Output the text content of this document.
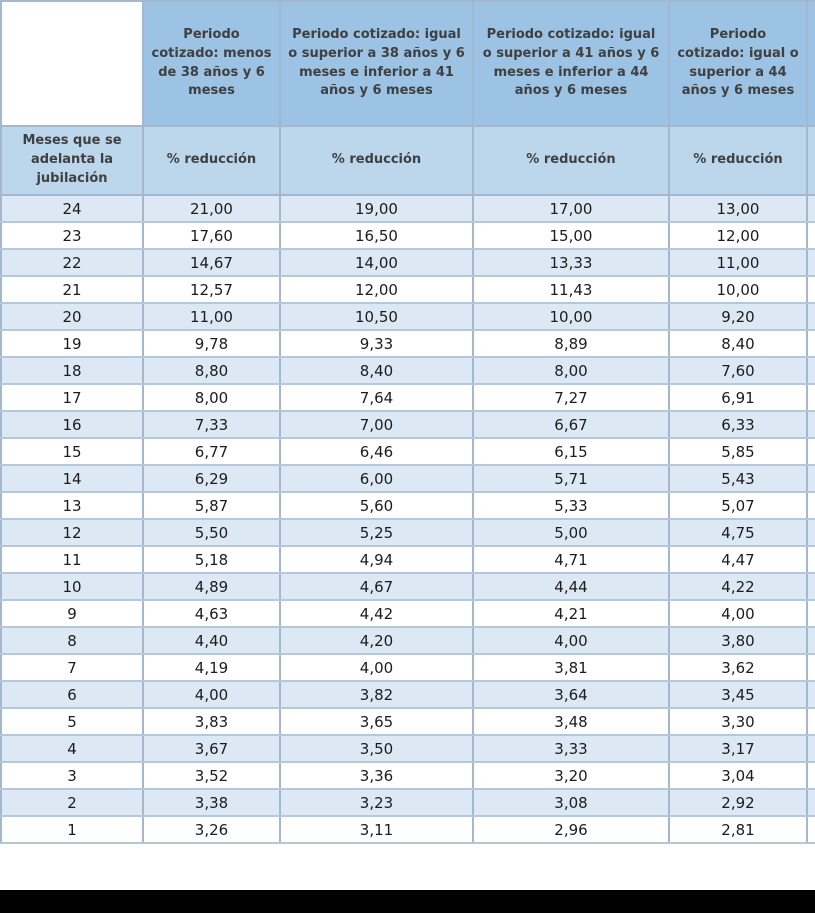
	Periodo cotizado: menos de 38 años y 6 meses	Periodo cotizado: igual o superior a 38 años y 6 meses e inferior a 41 años y 6 meses	Periodo cotizado: igual o superior a 41 años y 6 meses e inferior a 44 años y 6 meses	Periodo cotizado: igual o superior a 44 años y 6 meses	
Meses que se adelanta la jubilación	% reducción	% reducción	% reducción	% reducción	
24	21,00	19,00	17,00	13,00	
23	17,60	16,50	15,00	12,00	
22	14,67	14,00	13,33	11,00	
21	12,57	12,00	11,43	10,00	
20	11,00	10,50	10,00	9,20	
19	9,78	9,33	8,89	8,40	
18	8,80	8,40	8,00	7,60	
17	8,00	7,64	7,27	6,91	
16	7,33	7,00	6,67	6,33	
15	6,77	6,46	6,15	5,85	
14	6,29	6,00	5,71	5,43	
13	5,87	5,60	5,33	5,07	
12	5,50	5,25	5,00	4,75	
11	5,18	4,94	4,71	4,47	
10	4,89	4,67	4,44	4,22	
9	4,63	4,42	4,21	4,00	
8	4,40	4,20	4,00	3,80	
7	4,19	4,00	3,81	3,62	
6	4,00	3,82	3,64	3,45	
5	3,83	3,65	3,48	3,30	
4	3,67	3,50	3,33	3,17	
3	3,52	3,36	3,20	3,04	
2	3,38	3,23	3,08	2,92	
1	3,26	3,11	2,96	2,81	
